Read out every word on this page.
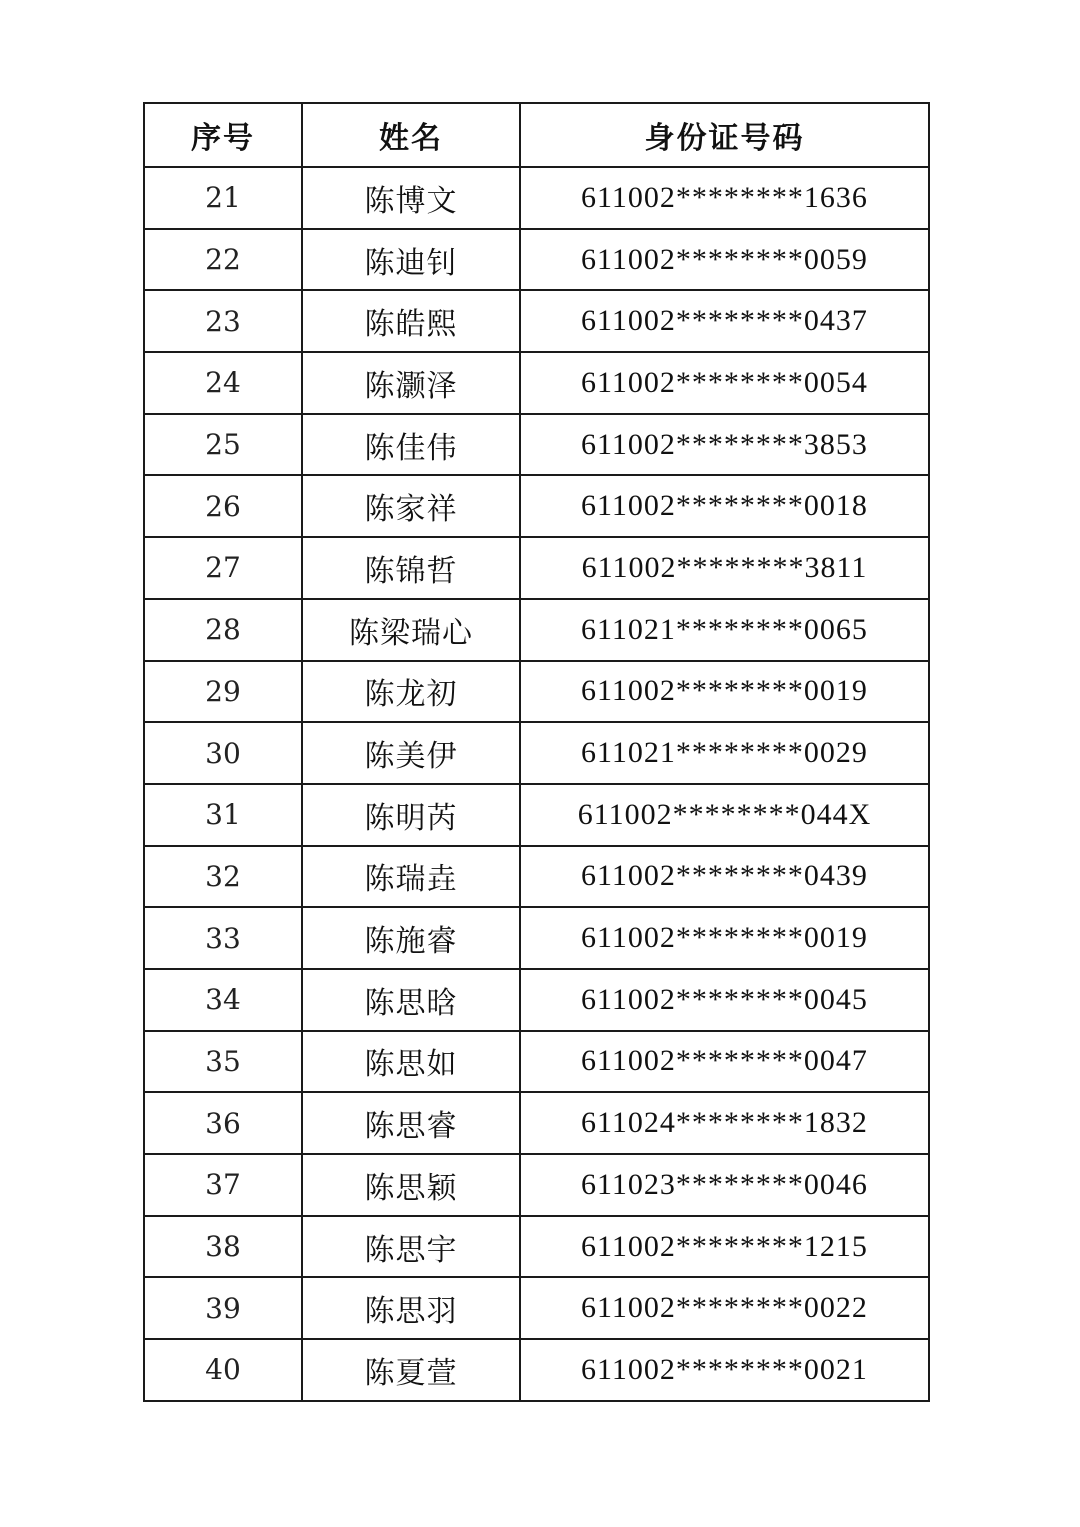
序号	姓名	身份证号码
21	陈博文	611002********1636
22	陈迪钊	611002********0059
23	陈皓熙	611002********0437
24	陈灏泽	611002********0054
25	陈佳伟	611002********3853
26	陈家祥	611002********0018
27	陈锦哲	611002********3811
28	陈梁瑞心	611021********0065
29	陈龙初	611002********0019
30	陈美伊	611021********0029
31	陈明芮	611002********044X
32	陈瑞垚	611002********0439
33	陈施睿	611002********0019
34	陈思晗	611002********0045
35	陈思如	611002********0047
36	陈思睿	611024********1832
37	陈思颖	611023********0046
38	陈思宇	611002********1215
39	陈思羽	611002********0022
40	陈夏萱	611002********0021
